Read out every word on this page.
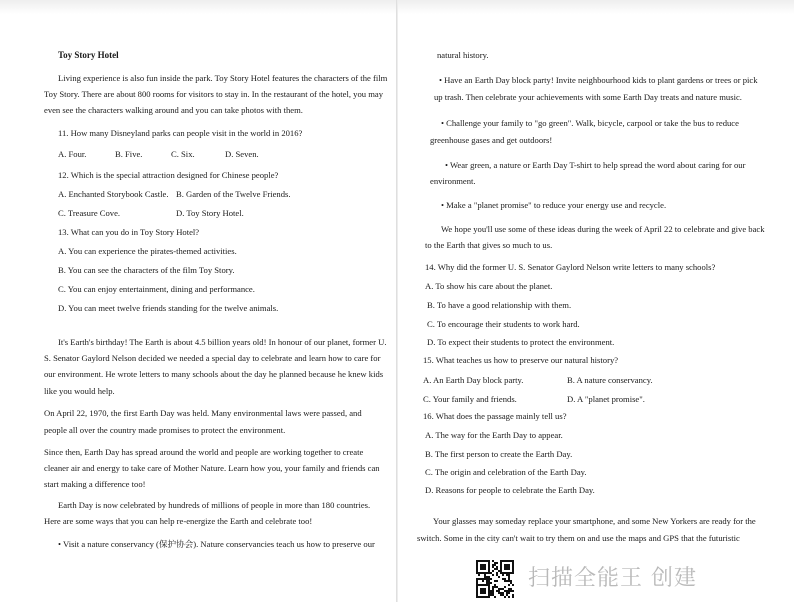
Toy Story Hotel
Living experience is also fun inside the park. Toy Story Hotel features the characters of the film
Toy Story. There are about 800 rooms for visitors to stay in. In the restaurant of the hotel, you may
even see the characters walking around and you can take photos with them.
11. How many Disneyland parks can people visit in the world in 2016?
A. Four.	B. Five.	C. Six.	D. Seven.
12. Which is the special attraction designed for Chinese people?
A. Enchanted Storybook Castle. B. Garden of the Twelve Friends.
C. Treasure Cove.	D. Toy Story Hotel.
13. What can you do in Toy Story Hotel?
A. You can experience the pirates-themed activities.
B. You can see the characters of the film Toy Story.
C. You can enjoy entertainment, dining and performance.
D. You can meet twelve friends standing for the twelve animals.
It's Earth's birthday! The Earth is about 4.5 billion years old! In honour of our planet, former U.
S. Senator Gaylord Nelson decided we needed a special day to celebrate and learn how to care for
our environment. He wrote letters to many schools about the day he planned because he knew kids
like you would help.
On April 22, 1970, the first Earth Day was held. Many environmental laws were passed, and
people all over the country made promises to protect the environment.
Since then, Earth Day has spread around the world and people are working together to create
cleaner air and energy to take care of Mother Nature. Learn how you, your family and friends can
start making a difference too!
Earth Day is now celebrated by hundreds of millions of people in more than 180 countries.
Here are some ways that you can help re-energize the Earth and celebrate too!
• Visit a nature conservancy (保护协会). Nature conservancies teach us how to preserve our
natural history.
• Have an Earth Day block party! Invite neighbourhood kids to plant gardens or trees or pick
up trash. Then celebrate your achievements with some Earth Day treats and nature music.
• Challenge your family to "go green". Walk, bicycle, carpool or take the bus to reduce
greenhouse gases and get outdoors!
• Wear green, a nature or Earth Day T-shirt to help spread the word about caring for our
environment.
• Make a "planet promise" to reduce your energy use and recycle.
We hope you'll use some of these ideas during the week of April 22 to celebrate and give back
to the Earth that gives so much to us.
14. Why did the former U. S. Senator Gaylord Nelson write letters to many schools?
A. To show his care about the planet.
B. To have a good relationship with them.
C. To encourage their students to work hard.
D. To expect their students to protect the environment.
15. What teaches us how to preserve our natural history?
A. An Earth Day block party.	B. A nature conservancy.
C. Your family and friends.	D. A "planet promise".
16. What does the passage mainly tell us?
A. The way for the Earth Day to appear.
B. The first person to create the Earth Day.
C. The origin and celebration of the Earth Day.
D. Reasons for people to celebrate the Earth Day.
Your glasses may someday replace your smartphone, and some New Yorkers are ready for the
switch. Some in the city can't wait to try them on and use the maps and GPS that the futuristic
扫描全能王 创建
